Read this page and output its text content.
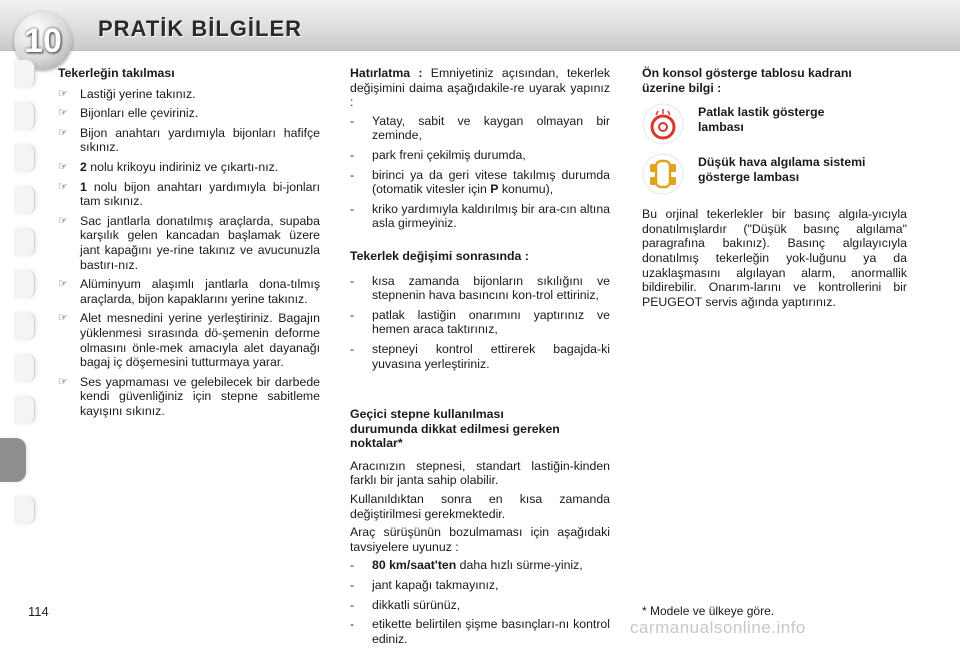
10 PRATİK BİLGİLER
Tekerleğin takılması
☞ Lastiği yerine takınız.
☞ Bijonları elle çeviriniz.
☞ Bijon anahtarı yardımıyla bijonları hafifçe sıkınız.
☞ 2 nolu krikoyu indiriniz ve çıkartı-nız.
☞ 1 nolu bijon anahtarı yardımıyla bi-jonları tam sıkınız.
☞ Sac jantlarla donatılmış araçlarda, supaba karşılık gelen kancadan başlamak üzere jant kapağını ye-rine takınız ve avucunuzla bastırı-nız.
☞ Alüminyum alaşımlı jantlarla dona-tılmış araçlarda, bijon kapaklarını yerine takınız.
☞ Alet mesnedini yerine yerleştiriniz. Bagajın yüklenmesi sırasında dö-şemenin deforme olmasını önle-mek amacıyla alet dayanağı bagaj iç döşemesini tutturmaya yarar.
☞ Ses yapmaması ve gelebilecek bir darbede kendi güvenliğiniz için stepne sabitleme kayışını sıkınız.

Hatırlatma : Emniyetiniz açısından, tekerlek değişimini daima aşağıdakile-re uyarak yapınız :

-	Yatay, sabit ve kaygan olmayan bir zeminde,
-	park freni çekilmiş durumda,
-	birinci ya da geri vitese takılmış durumda (otomatik vitesler için P konumu),
-	kriko yardımıyla kaldırılmış bir ara-cın altına asla girmeyiniz.
Tekerlek değişimi sonrasında :
-	kısa zamanda bijonların sıkılığını ve stepnenin hava basıncını kon-trol ettiriniz,
-	patlak lastiğin onarımını yaptırınız ve hemen araca taktırınız,
-	stepneyi kontrol ettirerek bagajda-ki yuvasına yerleştiriniz.
Geçici stepne kullanılması durumunda dikkat edilmesi gereken noktalar*

Aracınızın stepnesi, standart lastiğin-kinden farklı bir janta sahip olabilir.

Kullanıldıktan sonra en kısa zamanda değiştirilmesi gerekmektedir.

Araç sürüşünün bozulmaması için aşağıdaki tavsiyelere uyunuz :

-	80 km/saat'ten daha hızlı sürme-yiniz,
-	jant kapağı takmayınız,
-	dikkatli sürünüz,
-	etikette belirtilen şişme basınçları-nı kontrol ediniz.
Ön konsol gösterge tablosu kadranı üzerine bilgi :
Patlak lastik gösterge lambası
Düşük hava algılama sistemi gösterge lambası

Bu orjinal tekerlekler bir basınç algıla-yıcıyla donatılmışlardır ("Düşük basınç algılama" paragrafına bakınız). Basınç algılayıcıyla donatılmış tekerleğin yok-luğunu ya da uzaklaşmasını algılayan alarm, anormallik bildirebilir. Onarım-larını ve kontrollerini bir PEUGEOT servis ağında yaptırınız.

114	* Modele ve ülkeye göre.
carmanualsonline.info
